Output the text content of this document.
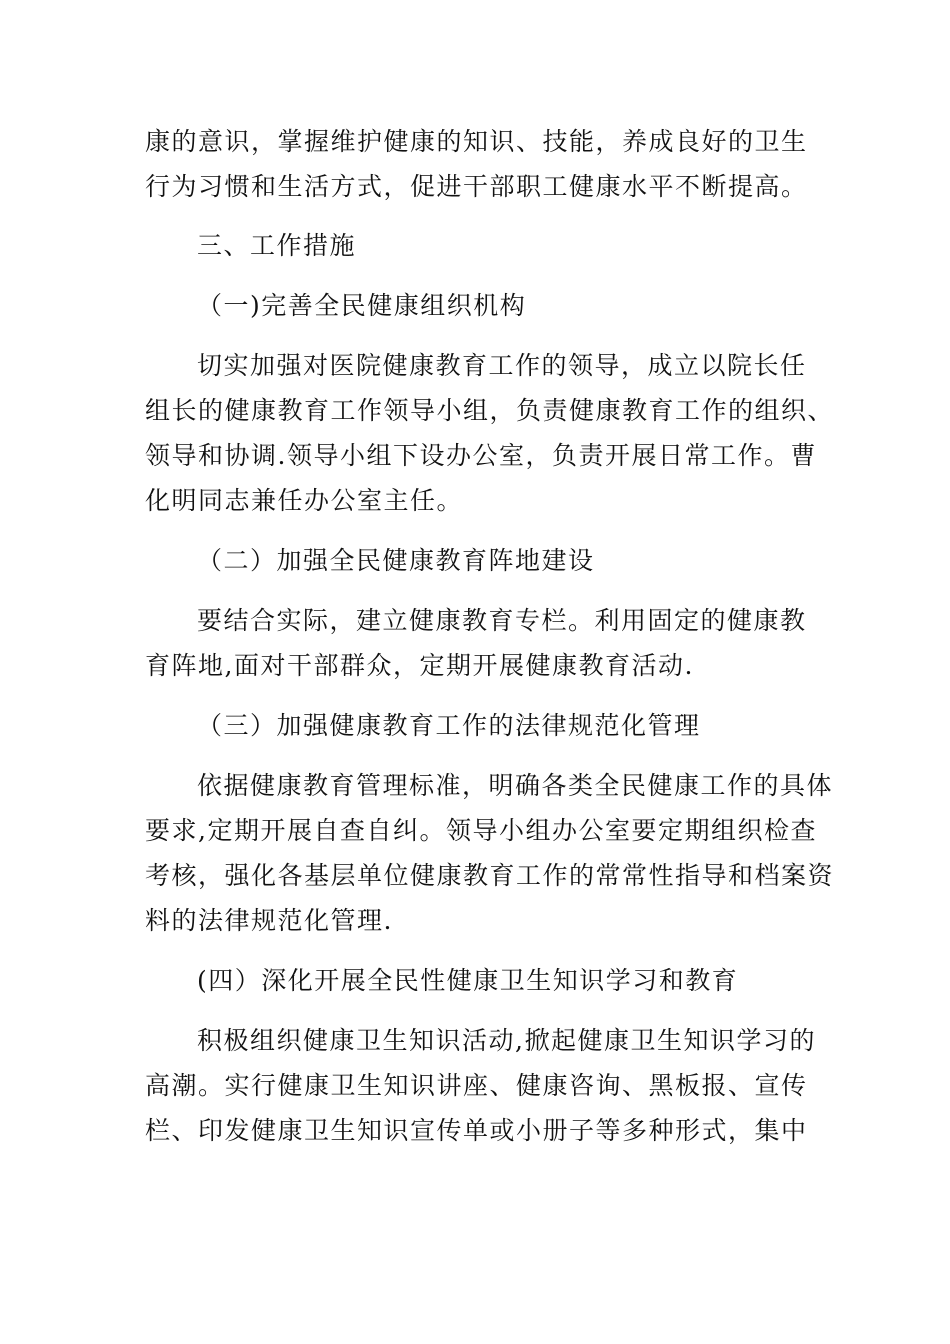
康的意识，掌握维护健康的知识、技能，养成良好的卫生
行为习惯和生活方式，促进干部职工健康水平不断提高。
三、工作措施
（一)完善全民健康组织机构
切实加强对医院健康教育工作的领导，成立以院长任
组长的健康教育工作领导小组，负责健康教育工作的组织、
领导和协调.领导小组下设办公室，负责开展日常工作。曹
化明同志兼任办公室主任。
（二）加强全民健康教育阵地建设
要结合实际，建立健康教育专栏。利用固定的健康教
育阵地,面对干部群众，定期开展健康教育活动.
（三）加强健康教育工作的法律规范化管理
依据健康教育管理标准，明确各类全民健康工作的具体
要求,定期开展自查自纠。领导小组办公室要定期组织检查
考核，强化各基层单位健康教育工作的常常性指导和档案资
料的法律规范化管理.
(四）深化开展全民性健康卫生知识学习和教育
积极组织健康卫生知识活动,掀起健康卫生知识学习的
高潮。实行健康卫生知识讲座、健康咨询、黑板报、宣传
栏、印发健康卫生知识宣传单或小册子等多种形式，集中
